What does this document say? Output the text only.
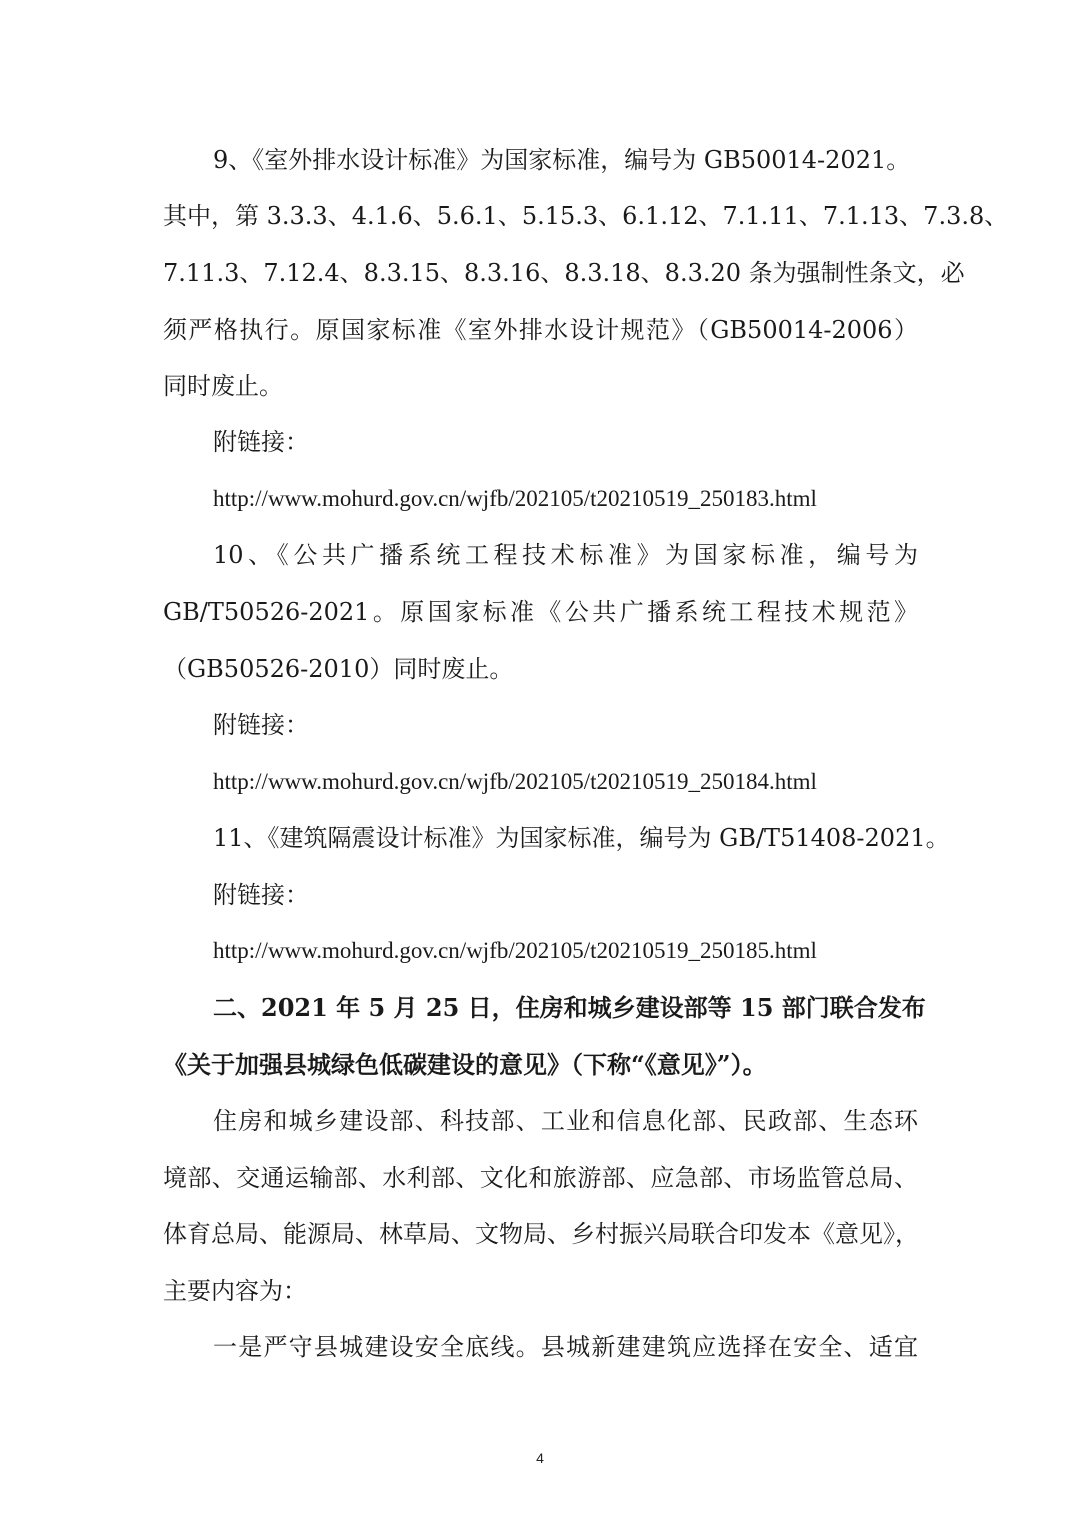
9、《室外排水设计标准》为国家标准，编号为 GB50014-2021。
其中，第 3.3.3、4.1.6、5.6.1、5.15.3、6.1.12、7.1.11、7.1.13、7.3.8、
7.11.3、7.12.4、8.3.15、8.3.16、8.3.18、8.3.20 条为强制性条文，必
须严格执行。原国家标准《室外排水设计规范》（GB50014-2006）
同时废止。
附链接：
http://www.mohurd.gov.cn/wjfb/202105/t20210519_250183.html
10、《公共广播系统工程技术标准》为国家标准，编号为
GB/T50526-2021。原国家标准《公共广播系统工程技术规范》
（GB50526-2010）同时废止。
附链接：
http://www.mohurd.gov.cn/wjfb/202105/t20210519_250184.html
11、《建筑隔震设计标准》为国家标准，编号为 GB/T51408-2021。
附链接：
http://www.mohurd.gov.cn/wjfb/202105/t20210519_250185.html
二、2021 年 5 月 25 日，住房和城乡建设部等 15 部门联合发布
《关于加强县城绿色低碳建设的意见》（下称“《意见》”）。
住房和城乡建设部、科技部、工业和信息化部、民政部、生态环
境部、交通运输部、水利部、文化和旅游部、应急部、市场监管总局、
体育总局、能源局、林草局、文物局、乡村振兴局联合印发本《意见》，
主要内容为：
一是严守县城建设安全底线。县城新建建筑应选择在安全、适宜
4
